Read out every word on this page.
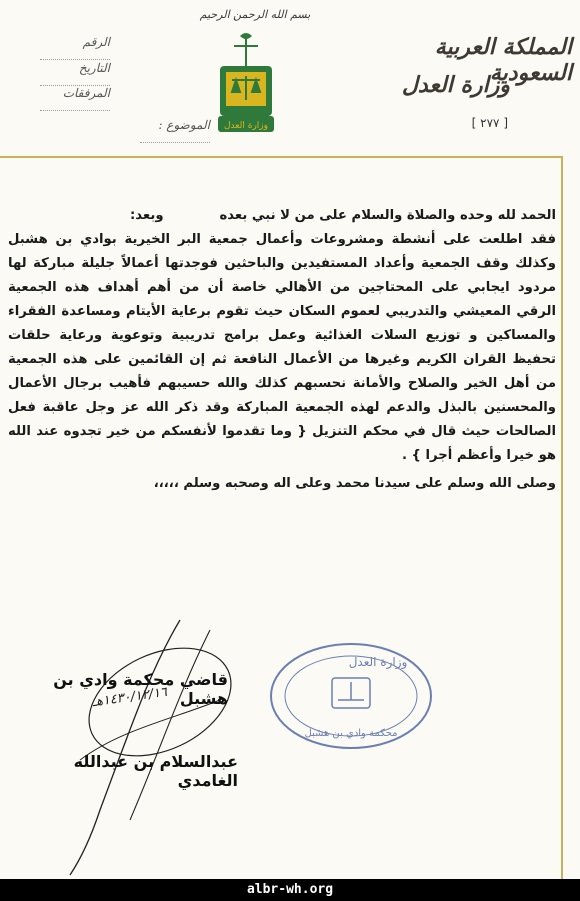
بسم الله الرحمن الرحيم
الرقم
التاريخ
المرفقات
الموضوع : وزارة العدل
المملكة العربية السعودية
وزارة العدل
[ ٢٧٧ ]

الحمد لله وحده والصلاة والسلام على من لا نبي بعده
وبعد:

فقد اطلعت على أنشطة ومشروعات وأعمال جمعية البر الخيرية بوادي بن هشبل وكذلك وقف الجمعية وأعداد المستفيدين والباحثين فوجدتها أعمالاً جليلة مباركة لها مردود ايجابي على المحتاجين من الأهالي خاصة أن من أهم أهداف هذه الجمعية الرقي المعيشي والتدريبي لعموم السكان حيث تقوم برعاية الأيتام ومساعدة الفقراء والمساكين و توزيع السلات الغذائية وعمل برامج تدريبية وتوعوية ورعاية حلقات تحفيظ القران الكريم وغيرها من الأعمال النافعة ثم إن القائمين على هذه الجمعية من أهل الخير والصلاح والأمانة نحسبهم كذلك والله حسيبهم فأهيب برجال الأعمال والمحسنين بالبذل والدعم لهذه الجمعية المباركة وقد ذكر الله عز وجل عاقبة فعل الصالحات حيث قال في محكم التنزيل { وما تقدموا لأنفسكم من خير تجدوه عند الله هو خيرا وأعظم أجرا } .

وصلى الله وسلم على سيدنا محمد وعلى اله وصحبه وسلم ،،،،،

قاضي محكمة وادي بن هشبل
١٤٣٠/١٢/١٦هـ
عبدالسلام بن عبدالله الغامدي
وزارة العدل
محكمة وادي بن هشبل
albr-wh.org
